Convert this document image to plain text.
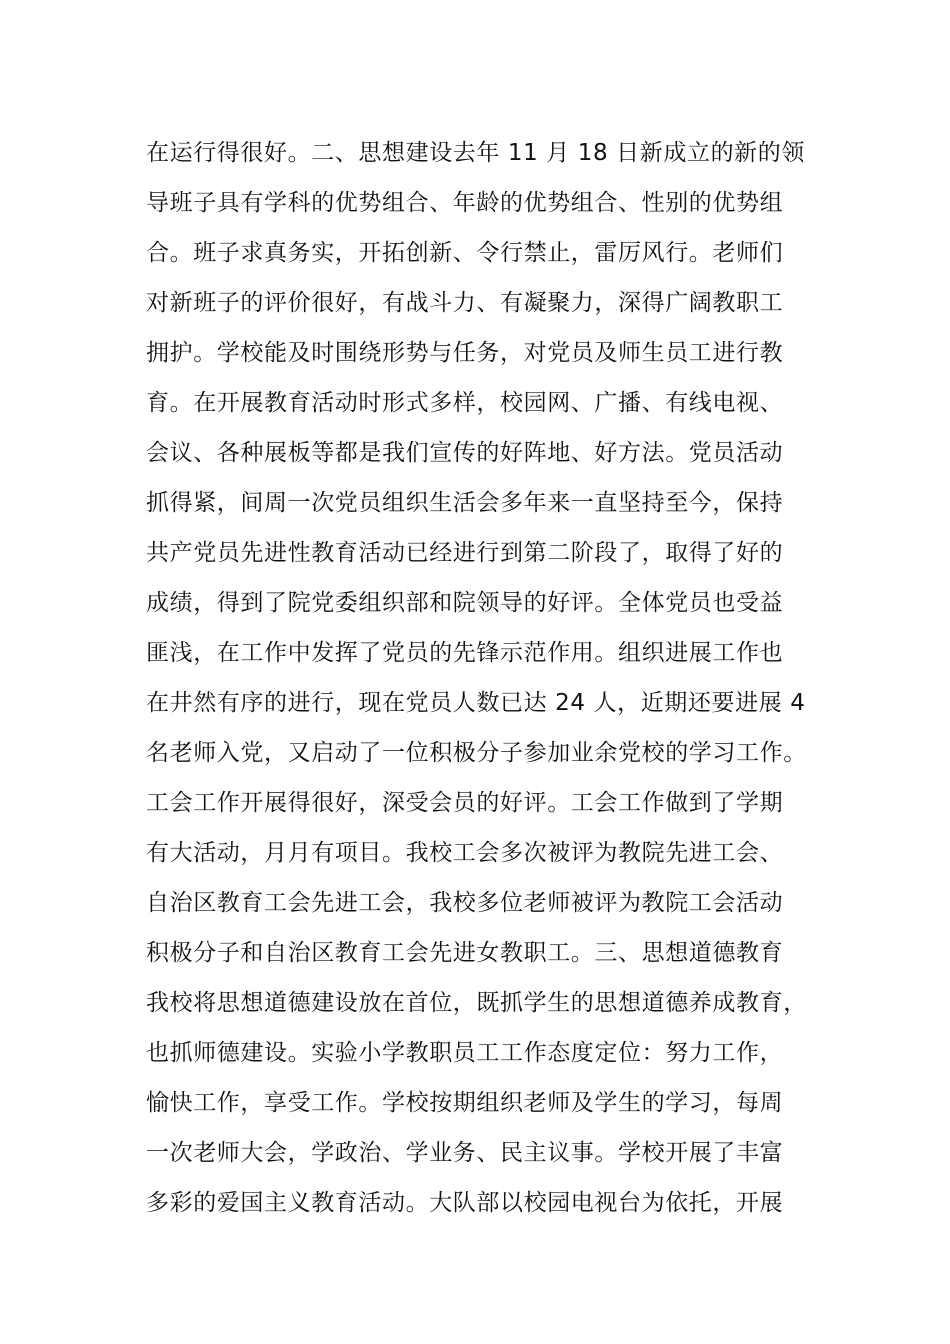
在运行得很好。二、思想建设去年 11 月 18 日新成立的新的领
导班子具有学科的优势组合、年龄的优势组合、性别的优势组
合。班子求真务实，开拓创新、令行禁止，雷厉风行。老师们
对新班子的评价很好，有战斗力、有凝聚力，深得广阔教职工
拥护。学校能及时围绕形势与任务，对党员及师生员工进行教
育。在开展教育活动时形式多样，校园网、广播、有线电视、
会议、各种展板等都是我们宣传的好阵地、好方法。党员活动
抓得紧，间周一次党员组织生活会多年来一直坚持至今，保持
共产党员先进性教育活动已经进行到第二阶段了，取得了好的
成绩，得到了院党委组织部和院领导的好评。全体党员也受益
匪浅，在工作中发挥了党员的先锋示范作用。组织进展工作也
在井然有序的进行，现在党员人数已达 24 人，近期还要进展 4
名老师入党，又启动了一位积极分子参加业余党校的学习工作。
工会工作开展得很好，深受会员的好评。工会工作做到了学期
有大活动，月月有项目。我校工会多次被评为教院先进工会、
自治区教育工会先进工会，我校多位老师被评为教院工会活动
积极分子和自治区教育工会先进女教职工。三、思想道德教育
我校将思想道德建设放在首位，既抓学生的思想道德养成教育，
也抓师德建设。实验小学教职员工工作态度定位：努力工作，
愉快工作，享受工作。学校按期组织老师及学生的学习，每周
一次老师大会，学政治、学业务、民主议事。学校开展了丰富
多彩的爱国主义教育活动。大队部以校园电视台为依托，开展
